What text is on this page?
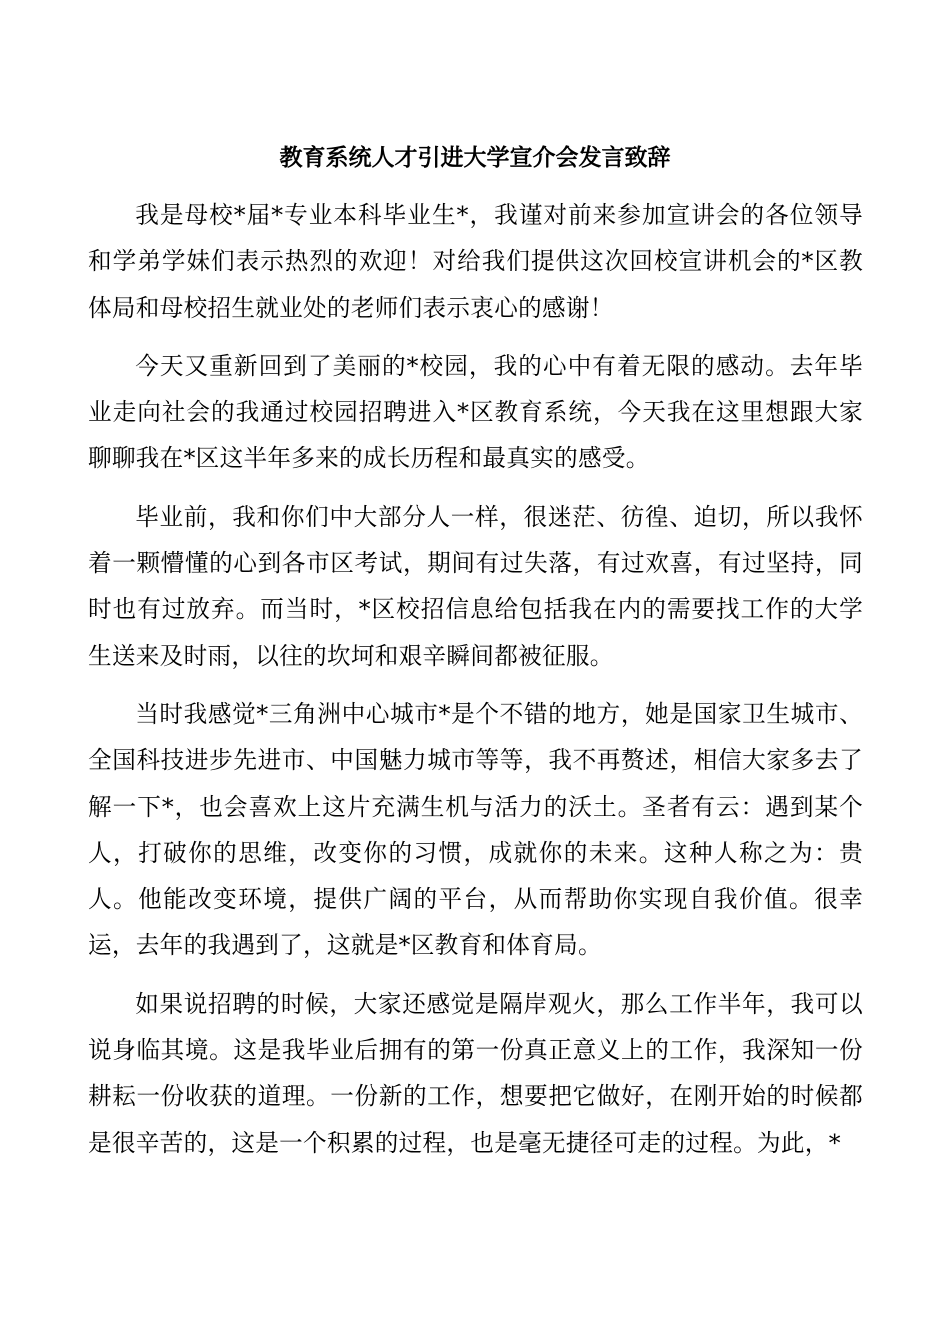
教育系统人才引进大学宣介会发言致辞

我是母校*届*专业本科毕业生*，我谨对前来参加宣讲会的各位领导和学弟学妹们表示热烈的欢迎！对给我们提供这次回校宣讲机会的*区教体局和母校招生就业处的老师们表示衷心的感谢！

今天又重新回到了美丽的*校园，我的心中有着无限的感动。去年毕业走向社会的我通过校园招聘进入*区教育系统，今天我在这里想跟大家聊聊我在*区这半年多来的成长历程和最真实的感受。

毕业前，我和你们中大部分人一样，很迷茫、彷徨、迫切，所以我怀着一颗懵懂的心到各市区考试，期间有过失落，有过欢喜，有过坚持，同时也有过放弃。而当时，*区校招信息给包括我在内的需要找工作的大学生送来及时雨，以往的坎坷和艰辛瞬间都被征服。

当时我感觉*三角洲中心城市*是个不错的地方，她是国家卫生城市、全国科技进步先进市、中国魅力城市等等，我不再赘述，相信大家多去了解一下*，也会喜欢上这片充满生机与活力的沃土。圣者有云：遇到某个人，打破你的思维，改变你的习惯，成就你的未来。这种人称之为：贵人。他能改变环境，提供广阔的平台，从而帮助你实现自我价值。很幸运，去年的我遇到了，这就是*区教育和体育局。

如果说招聘的时候，大家还感觉是隔岸观火，那么工作半年，我可以说身临其境。这是我毕业后拥有的第一份真正意义上的工作，我深知一份耕耘一份收获的道理。一份新的工作，想要把它做好，在刚开始的时候都是很辛苦的，这是一个积累的过程，也是毫无捷径可走的过程。为此，*
